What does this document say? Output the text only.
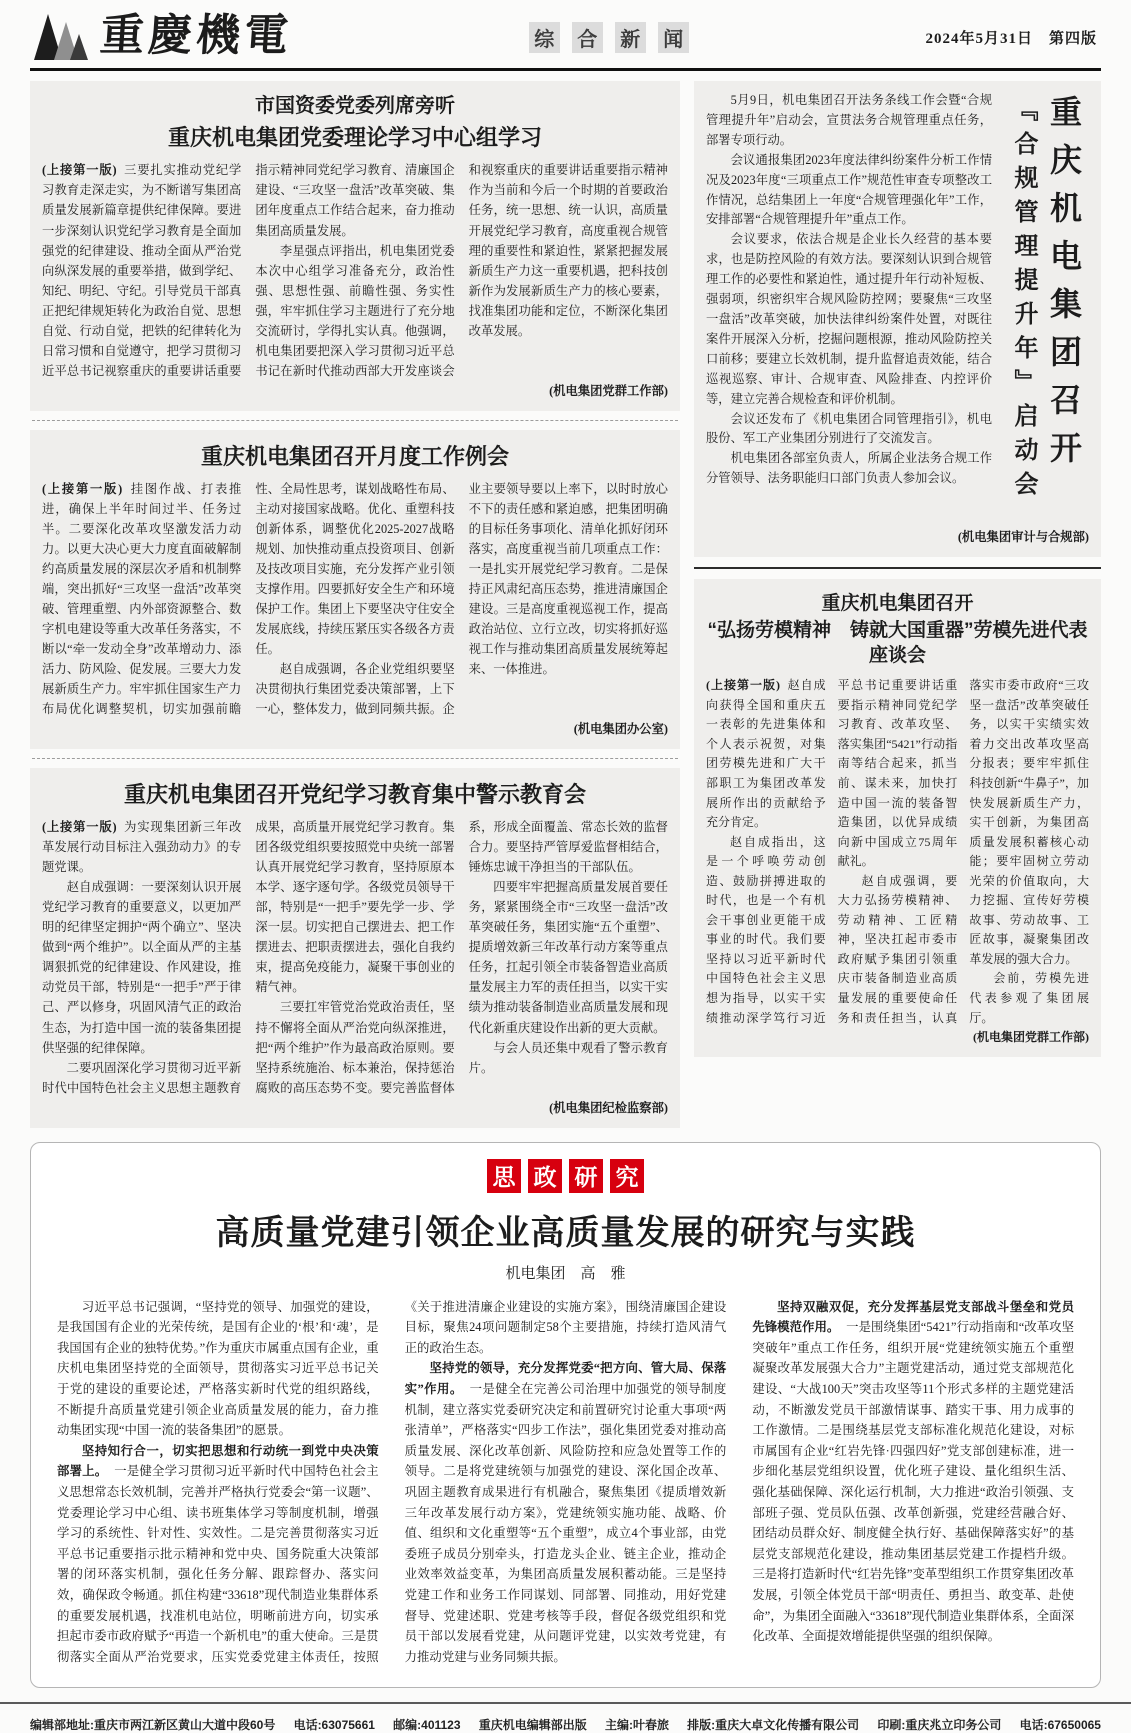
重慶機電	综 合 新 闻	2024年5月31日　第四版
市国资委党委列席旁听
重庆机电集团党委理论学习中心组学习

(上接第一版) 三要扎实推动党纪学习教育走深走实，为不断谱写集团高质量发展新篇章提供纪律保障。要进一步深刻认识党纪学习教育是全面加强党的纪律建设、推动全面从严治党向纵深发展的重要举措，做到学纪、知纪、明纪、守纪。引导党员干部真正把纪律规矩转化为政治自觉、思想自觉、行动自觉，把铁的纪律转化为日常习惯和自觉遵守，把学习贯彻习近平总书记视察重庆的重要讲话重要指示精神同党纪学习教育、清廉国企建设、“三攻坚一盘活”改革突破、集团年度重点工作结合起来，奋力推动集团高质量发展。

李星强点评指出，机电集团党委本次中心组学习准备充分，政治性强、思想性强、前瞻性强、务实性强，牢牢抓住学习主题进行了充分地交流研讨，学得扎实认真。他强调，机电集团要把深入学习贯彻习近平总书记在新时代推动西部大开发座谈会和视察重庆的重要讲话重要指示精神作为当前和今后一个时期的首要政治任务，统一思想、统一认识，高质量开展党纪学习教育，高度重视合规管理的重要性和紧迫性，紧紧把握发展新质生产力这一重要机遇，把科技创新作为发展新质生产力的核心要素，找准集团功能和定位，不断深化集团改革发展。

(机电集团党群工作部)

重庆机电集团召开月度工作例会

(上接第一版) 挂图作战、打表推进，确保上半年时间过半、任务过半。二要深化改革攻坚激发活力动力。以更大决心更大力度直面破解制约高质量发展的深层次矛盾和机制弊端，突出抓好“三攻坚一盘活”改革突破、管理重塑、内外部资源整合、数字机电建设等重大改革任务落实，不断以“牵一发动全身”改革增动力、添活力、防风险、促发展。三要大力发展新质生产力。牢牢抓住国家生产力布局优化调整契机，切实加强前瞻性、全局性思考，谋划战略性布局、主动对接国家战略。优化、重塑科技创新体系，调整优化2025-2027战略规划、加快推动重点投资项目、创新及技改项目实施，充分发挥产业引领支撑作用。四要抓好安全生产和环境保护工作。集团上下要坚决守住安全发展底线，持续压紧压实各级各方责任。

赵自成强调，各企业党组织要坚决贯彻执行集团党委决策部署，上下一心，整体发力，做到同频共振。企业主要领导要以上率下，以时时放心不下的责任感和紧迫感，把集团明确的目标任务事项化、清单化抓好闭环落实，高度重视当前几项重点工作：一是扎实开展党纪学习教育。二是保持正风肃纪高压态势，推进清廉国企建设。三是高度重视巡视工作，提高政治站位、立行立改，切实将抓好巡视工作与推动集团高质量发展统筹起来、一体推进。

(机电集团办公室)

重庆机电集团召开党纪学习教育集中警示教育会

(上接第一版) 为实现集团新三年改革发展行动目标注入强劲动力》的专题党课。

赵自成强调：一要深刻认识开展党纪学习教育的重要意义，以更加严明的纪律坚定拥护“两个确立”、坚决做到“两个维护”。以全面从严的主基调狠抓党的纪律建设、作风建设，推动党员干部，特别是“一把手”严于律己、严以修身，巩固风清气正的政治生态，为打造中国一流的装备集团提供坚强的纪律保障。

二要巩固深化学习贯彻习近平新时代中国特色社会主义思想主题教育成果，高质量开展党纪学习教育。集团各级党组织要按照党中央统一部署认真开展党纪学习教育，坚持原原本本学、逐字逐句学。各级党员领导干部，特别是“一把手”要先学一步、学深一层。切实把自己摆进去、把工作摆进去、把职责摆进去，强化自我约束，提高免疫能力，凝聚干事创业的精气神。

三要扛牢管党治党政治责任，坚持不懈将全面从严治党向纵深推进，把“两个维护”作为最高政治原则。要坚持系统施治、标本兼治，保持惩治腐败的高压态势不变。要完善监督体系，形成全面覆盖、常态长效的监督合力。要坚持严管厚爱监督相结合，锤炼忠诚干净担当的干部队伍。

四要牢牢把握高质量发展首要任务，紧紧围绕全市“三攻坚一盘活”改革突破任务，集团实施“五个重塑”、提质增效新三年改革行动方案等重点任务，扛起引领全市装备智造业高质量发展主力军的责任担当，以实干实绩为推动装备制造业高质量发展和现代化新重庆建设作出新的更大贡献。

与会人员还集中观看了警示教育片。

(机电集团纪检监察部)

5月9日，机电集团召开法务条线工作会暨“合规管理提升年”启动会，宣贯法务合规管理重点任务，部署专项行动。

会议通报集团2023年度法律纠纷案件分析工作情况及2023年度“三项重点工作”规范性审查专项整改工作情况，总结集团上一年度“合规管理强化年”工作，安排部署“合规管理提升年”重点工作。

会议要求，依法合规是企业长久经营的基本要求，也是防控风险的有效方法。要深刻认识到合规管理工作的必要性和紧迫性，通过提升年行动补短板、强弱项，织密织牢合规风险防控网；要聚焦“三攻坚一盘活”改革突破，加快法律纠纷案件处置，对既往案件开展深入分析，挖掘问题根源，推动风险防控关口前移；要建立长效机制，提升监督追责效能，结合巡视巡察、审计、合规审查、风险排查、内控评价等，建立完善合规检查和评价机制。

会议还发布了《机电集团合同管理指引》，机电股份、军工产业集团分别进行了交流发言。

机电集团各部室负责人，所属企业法务合规工作分管领导、法务职能归口部门负责人参加会议。	重庆机电集团召开 『合规管理提升年』启动会

(机电集团审计与合规部)

重庆机电集团召开
“弘扬劳模精神　铸就大国重器”劳模先进代表座谈会

(上接第一版) 赵自成向获得全国和重庆五一表彰的先进集体和个人表示祝贺，对集团劳模先进和广大干部职工为集团改革发展所作出的贡献给予充分肯定。

赵自成指出，这是一个呼唤劳动创造、鼓励拼搏进取的时代，也是一个有机会干事创业更能干成事业的时代。我们要坚持以习近平新时代中国特色社会主义思想为指导，以实干实绩推动深学笃行习近平总书记重要讲话重要指示精神同党纪学习教育、改革攻坚、落实集团“5421”行动指南等结合起来，抓当前、谋未来，加快打造中国一流的装备智造集团，以优异成绩向新中国成立75周年献礼。

赵自成强调，要大力弘扬劳模精神、劳动精神、工匠精神，坚决扛起市委市政府赋予集团引领重庆市装备制造业高质量发展的重要使命任务和责任担当，认真落实市委市政府“三攻坚一盘活”改革突破任务，以实干实绩实效着力交出改革攻坚高分报表；要牢牢抓住科技创新“牛鼻子”，加快发展新质生产力，实干创新，为集团高质量发展积蓄核心动能；要牢固树立劳动光荣的价值取向，大力挖掘、宣传好劳模故事、劳动故事、工匠故事，凝聚集团改革发展的强大合力。

会前，劳模先进代表参观了集团展厅。

(机电集团党群工作部)

思 政 研 究
高质量党建引领企业高质量发展的研究与实践
机电集团　高　雅

习近平总书记强调，“坚持党的领导、加强党的建设，是我国国有企业的光荣传统，是国有企业的‘根’和‘魂’，是我国国有企业的独特优势。”作为重庆市属重点国有企业，重庆机电集团坚持党的全面领导，贯彻落实习近平总书记关于党的建设的重要论述，严格落实新时代党的组织路线，不断提升高质量党建引领企业高质量发展的能力，奋力推动集团实现“中国一流的装备集团”的愿景。

坚持知行合一，切实把思想和行动统一到党中央决策部署上。 一是健全学习贯彻习近平新时代中国特色社会主义思想常态长效机制，完善并严格执行党委会“第一议题”、党委理论学习中心组、读书班集体学习等制度机制，增强学习的系统性、针对性、实效性。二是完善贯彻落实习近平总书记重要指示批示精神和党中央、国务院重大决策部署的闭环落实机制，强化任务分解、跟踪督办、落实问效，确保政令畅通。抓住构建“33618”现代制造业集群体系的重要发展机遇，找准机电站位，明晰前进方向，切实承担起市委市政府赋予“再造一个新机电”的重大使命。三是贯彻落实全面从严治党要求，压实党委党建主体责任，按照《关于推进清廉企业建设的实施方案》，围绕清廉国企建设目标，聚焦24项问题制定58个主要措施，持续打造风清气正的政治生态。

坚持党的领导，充分发挥党委“把方向、管大局、保落实”作用。 一是健全在完善公司治理中加强党的领导制度机制，建立落实党委研究决定和前置研究讨论重大事项“两张清单”，严格落实“四步工作法”，强化集团党委对推动高质量发展、深化改革创新、风险防控和应急处置等工作的领导。二是将党建统领与加强党的建设、深化国企改革、巩固主题教育成果进行有机融合，聚焦集团《提质增效新三年改革发展行动方案》，党建统领实施功能、战略、价值、组织和文化重塑等“五个重塑”，成立4个事业部，由党委班子成员分别牵头，打造龙头企业、链主企业，推动企业效率效益变革，为集团高质量发展积蓄动能。三是坚持党建工作和业务工作同谋划、同部署、同推动，用好党建督导、党建述职、党建考核等手段，督促各级党组织和党员干部以发展看党建，从问题评党建，以实效考党建，有力推动党建与业务同频共振。

坚持双融双促，充分发挥基层党支部战斗堡垒和党员先锋模范作用。 一是围绕集团“5421”行动指南和“改革攻坚突破年”重点工作任务，组织开展“党建统领实施五个重塑　凝聚改革发展强大合力”主题党建活动，通过党支部规范化建设、“大战100天”突击攻坚等11个形式多样的主题党建活动，不断激发党员干部激情谋事、踏实干事、用力成事的工作激情。二是围绕基层党支部标准化规范化建设，对标市属国有企业“红岩先锋·四强四好”党支部创建标准，进一步细化基层党组织设置，优化班子建设、量化组织生活、强化基础保障、深化运行机制，大力推进“政治引领强、支部班子强、党员队伍强、改革创新强，党建经营融合好、团结动员群众好、制度健全执行好、基础保障落实好”的基层党支部规范化建设，推动集团基层党建工作提档升级。三是将打造新时代“红岩先锋”变革型组织工作贯穿集团改革发展，引领全体党员干部“明责任、勇担当、敢变革、赴使命”，为集团全面融入“33618”现代制造业集群体系，全面深化改革、全面提效增能提供坚强的组织保障。

编辑部地址:重庆市两江新区黄山大道中段60号 电话:63075661 邮编:401123 重庆机电编辑部出版 主编:叶春旅 排版:重庆大卓文化传播有限公司 印刷:重庆兆立印务公司 电话:67650065
